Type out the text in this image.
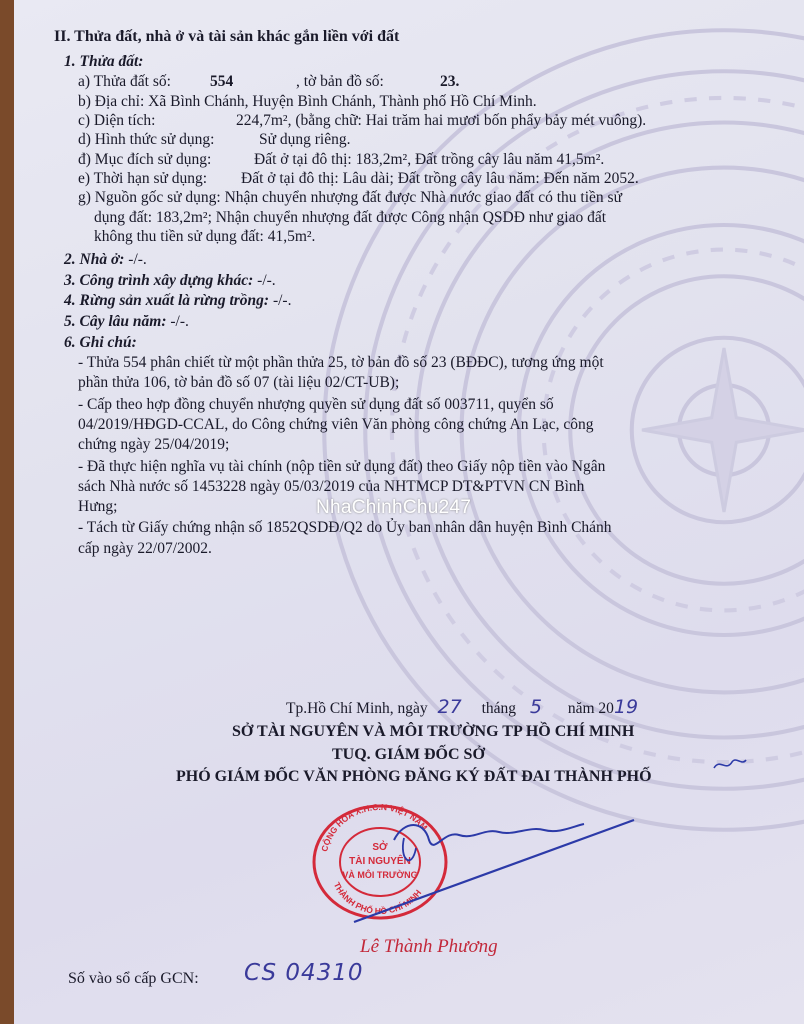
II. Thửa đất, nhà ở và tài sản khác gắn liền với đất
1. Thửa đất:
a) Thửa đất số:	554	, tờ bản đồ số:	23.
b) Địa chỉ: Xã Bình Chánh, Huyện Bình Chánh, Thành phố Hồ Chí Minh.
c) Diện tích:	224,7m², (bằng chữ: Hai trăm hai mươi bốn phẩy bảy mét vuông).
d) Hình thức sử dụng:	Sử dụng riêng.
đ) Mục đích sử dụng:	Đất ở tại đô thị: 183,2m², Đất trồng cây lâu năm 41,5m².
e) Thời hạn sử dụng: Đất ở tại đô thị: Lâu dài; Đất trồng cây lâu năm: Đến năm 2052.
g) Nguồn gốc sử dụng: Nhận chuyển nhượng đất được Nhà nước giao đất có thu tiền sử
dụng đất: 183,2m²; Nhận chuyển nhượng đất được Công nhận QSDĐ như giao đất
không thu tiền sử dụng đất: 41,5m².
2. Nhà ở: -/-.
3. Công trình xây dựng khác: -/-.
4. Rừng sản xuất là rừng trồng: -/-.
5. Cây lâu năm: -/-.
6. Ghi chú:
- Thửa 554 phân chiết từ một phần thửa 25, tờ bản đồ số 23 (BĐĐC), tương ứng một
phần thửa 106, tờ bản đồ số 07 (tài liệu 02/CT-UB);
- Cấp theo hợp đồng chuyển nhượng quyền sử dụng đất số 003711, quyển số
04/2019/HĐGD-CCAL, do Công chứng viên Văn phòng công chứng An Lạc, công
chứng ngày 25/04/2019;
- Đã thực hiện nghĩa vụ tài chính (nộp tiền sử dụng đất) theo Giấy nộp tiền vào Ngân
sách Nhà nước số 1453228 ngày 05/03/2019 của NHTMCP DT&PTVN CN Bình
Hưng;
- Tách từ Giấy chứng nhận số 1852QSDĐ/Q2 do Ủy ban nhân dân huyện Bình Chánh
cấp ngày 22/07/2002.
NhaChinhChu247
Tp.Hồ Chí Minh, ngày 27 tháng 5 năm 2019
SỞ TÀI NGUYÊN VÀ MÔI TRƯỜNG TP HỒ CHÍ MINH
TUQ. GIÁM ĐỐC SỞ
PHÓ GIÁM ĐỐC VĂN PHÒNG ĐĂNG KÝ ĐẤT ĐAI THÀNH PHỐ
CỘNG HÒA X.H.C.N VIỆT NAM
THÀNH PHỐ HỒ CHÍ MINH
SỞ
TÀI NGUYÊN
VÀ MÔI TRƯỜNG
Lê Thành Phương
Số vào sổ cấp GCN: CS 04310
